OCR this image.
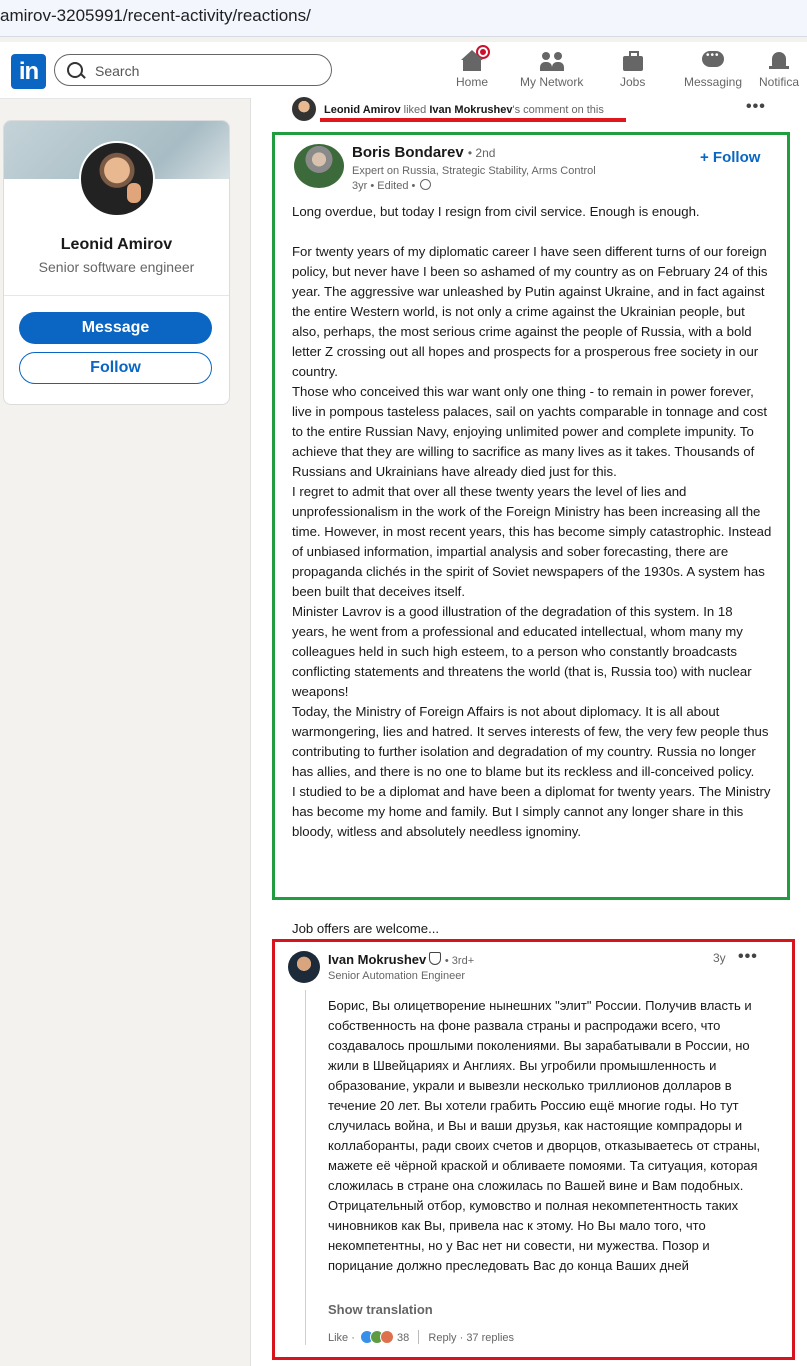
amirov-3205991/recent-activity/reactions/
in
Search	Home	My Network	Jobs
•••	Messaging Notifica
Leonid Amirov
Senior software engineer
Message
Follow
Leonid Amirov liked Ivan Mokrushev's comment on this	•••
Boris Bondarev • 2nd
Expert on Russia, Strategic Stability, Arms Control
3yr • Edited •
+ Follow

Long overdue, but today I resign from civil service. Enough is enough.

For twenty years of my diplomatic career I have seen different turns of our foreign policy, but never have I been so ashamed of my country as on February 24 of this year. The aggressive war unleashed by Putin against Ukraine, and in fact against the entire Western world, is not only a crime against the Ukrainian people, but also, perhaps, the most serious crime against the people of Russia, with a bold letter Z crossing out all hopes and prospects for a prosperous free society in our country.

Those who conceived this war want only one thing - to remain in power forever, live in pompous tasteless palaces, sail on yachts comparable in tonnage and cost to the entire Russian Navy, enjoying unlimited power and complete impunity. To achieve that they are willing to sacrifice as many lives as it takes. Thousands of Russians and Ukrainians have already died just for this.

I regret to admit that over all these twenty years the level of lies and unprofessionalism in the work of the Foreign Ministry has been increasing all the time. However, in most recent years, this has become simply catastrophic. Instead of unbiased information, impartial analysis and sober forecasting, there are propaganda clichés in the spirit of Soviet newspapers of the 1930s. A system has been built that deceives itself.

Minister Lavrov is a good illustration of the degradation of this system. In 18 years, he went from a professional and educated intellectual, whom many my colleagues held in such high esteem, to a person who constantly broadcasts conflicting statements and threatens the world (that is, Russia too) with nuclear weapons!

Today, the Ministry of Foreign Affairs is not about diplomacy. It is all about warmongering, lies and hatred. It serves interests of few, the very few people thus contributing to further isolation and degradation of my country. Russia no longer has allies, and there is no one to blame but its reckless and ill-conceived policy.

I studied to be a diplomat and have been a diplomat for twenty years. The Ministry has become my home and family. But I simply cannot any longer share in this bloody, witless and absolutely needless ignominy.

Job offers are welcome...
Ivan Mokrushev • 3rd+
Senior Automation Engineer
3y •••
Борис, Вы олицетворение нынешних "элит" России. Получив власть и собственность на фоне развала страны и распродажи всего, что создавалось прошлыми поколениями. Вы зарабатывали в России, но жили в Швейцариях и Англиях. Вы угробили промышленность и образование, украли и вывезли несколько триллионов долларов в течение 20 лет. Вы хотели грабить Россию ещё многие годы. Но тут случилась война, и Вы и ваши друзья, как настоящие компрадоры и коллаборанты, ради своих счетов и дворцов, отказываетесь от страны, мажете её чёрной краской и обливаете помоями. Та ситуация, которая сложилась в стране она сложилась по Вашей вине и Вам подобных. Отрицательный отбор, кумовство и полная некомпетентность таких чиновников как Вы, привела нас к этому. Но Вы мало того, что некомпетентны, но у Вас нет ни совести, ни мужества. Позор и порицание должно преследовать Вас до конца Ваших дней
Show translation
Like ·	38 Reply · 37 replies
